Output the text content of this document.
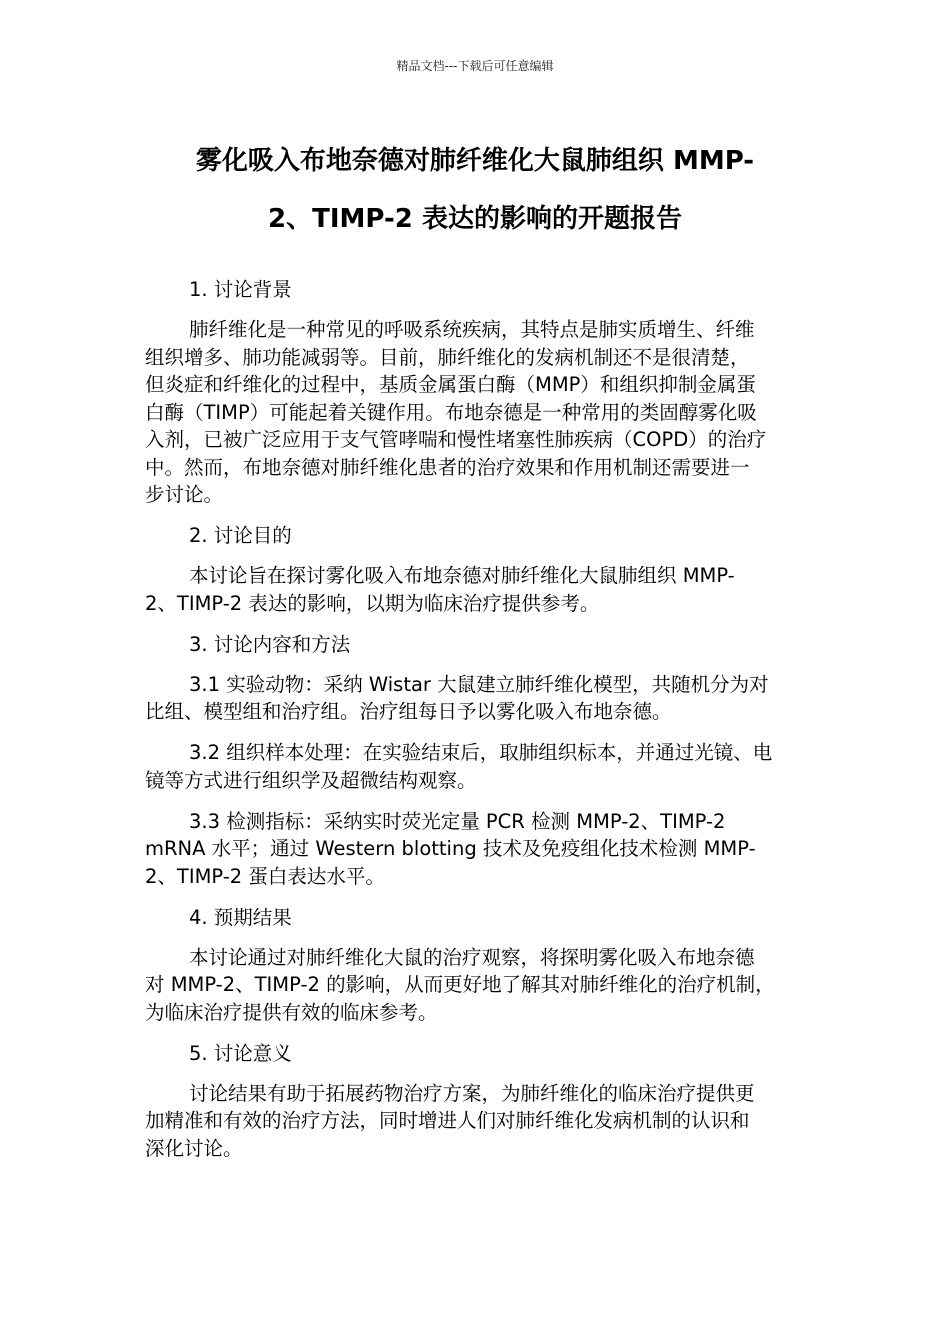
精品文档---下载后可任意编辑
雾化吸入布地奈德对肺纤维化大鼠肺组织 MMP-
2、TIMP-2 表达的影响的开题报告

1. 讨论背景

肺纤维化是一种常见的呼吸系统疾病，其特点是肺实质增生、纤维
组织增多、肺功能减弱等。目前，肺纤维化的发病机制还不是很清楚，
但炎症和纤维化的过程中，基质金属蛋白酶（MMP）和组织抑制金属蛋
白酶（TIMP）可能起着关键作用。布地奈德是一种常用的类固醇雾化吸
入剂，已被广泛应用于支气管哮喘和慢性堵塞性肺疾病（COPD）的治疗
中。然而，布地奈德对肺纤维化患者的治疗效果和作用机制还需要进一
步讨论。

2. 讨论目的

本讨论旨在探讨雾化吸入布地奈德对肺纤维化大鼠肺组织 MMP-
2、TIMP-2 表达的影响，以期为临床治疗提供参考。

3. 讨论内容和方法

3.1 实验动物：采纳 Wistar 大鼠建立肺纤维化模型，共随机分为对
比组、模型组和治疗组。治疗组每日予以雾化吸入布地奈德。

3.2 组织样本处理：在实验结束后，取肺组织标本，并通过光镜、电
镜等方式进行组织学及超微结构观察。

3.3 检测指标：采纳实时荧光定量 PCR 检测 MMP-2、TIMP-2
mRNA 水平；通过 Western blotting 技术及免疫组化技术检测 MMP-
2、TIMP-2 蛋白表达水平。

4. 预期结果

本讨论通过对肺纤维化大鼠的治疗观察，将探明雾化吸入布地奈德
对 MMP-2、TIMP-2 的影响，从而更好地了解其对肺纤维化的治疗机制，
为临床治疗提供有效的临床参考。

5. 讨论意义

讨论结果有助于拓展药物治疗方案，为肺纤维化的临床治疗提供更
加精准和有效的治疗方法，同时增进人们对肺纤维化发病机制的认识和
深化讨论。
